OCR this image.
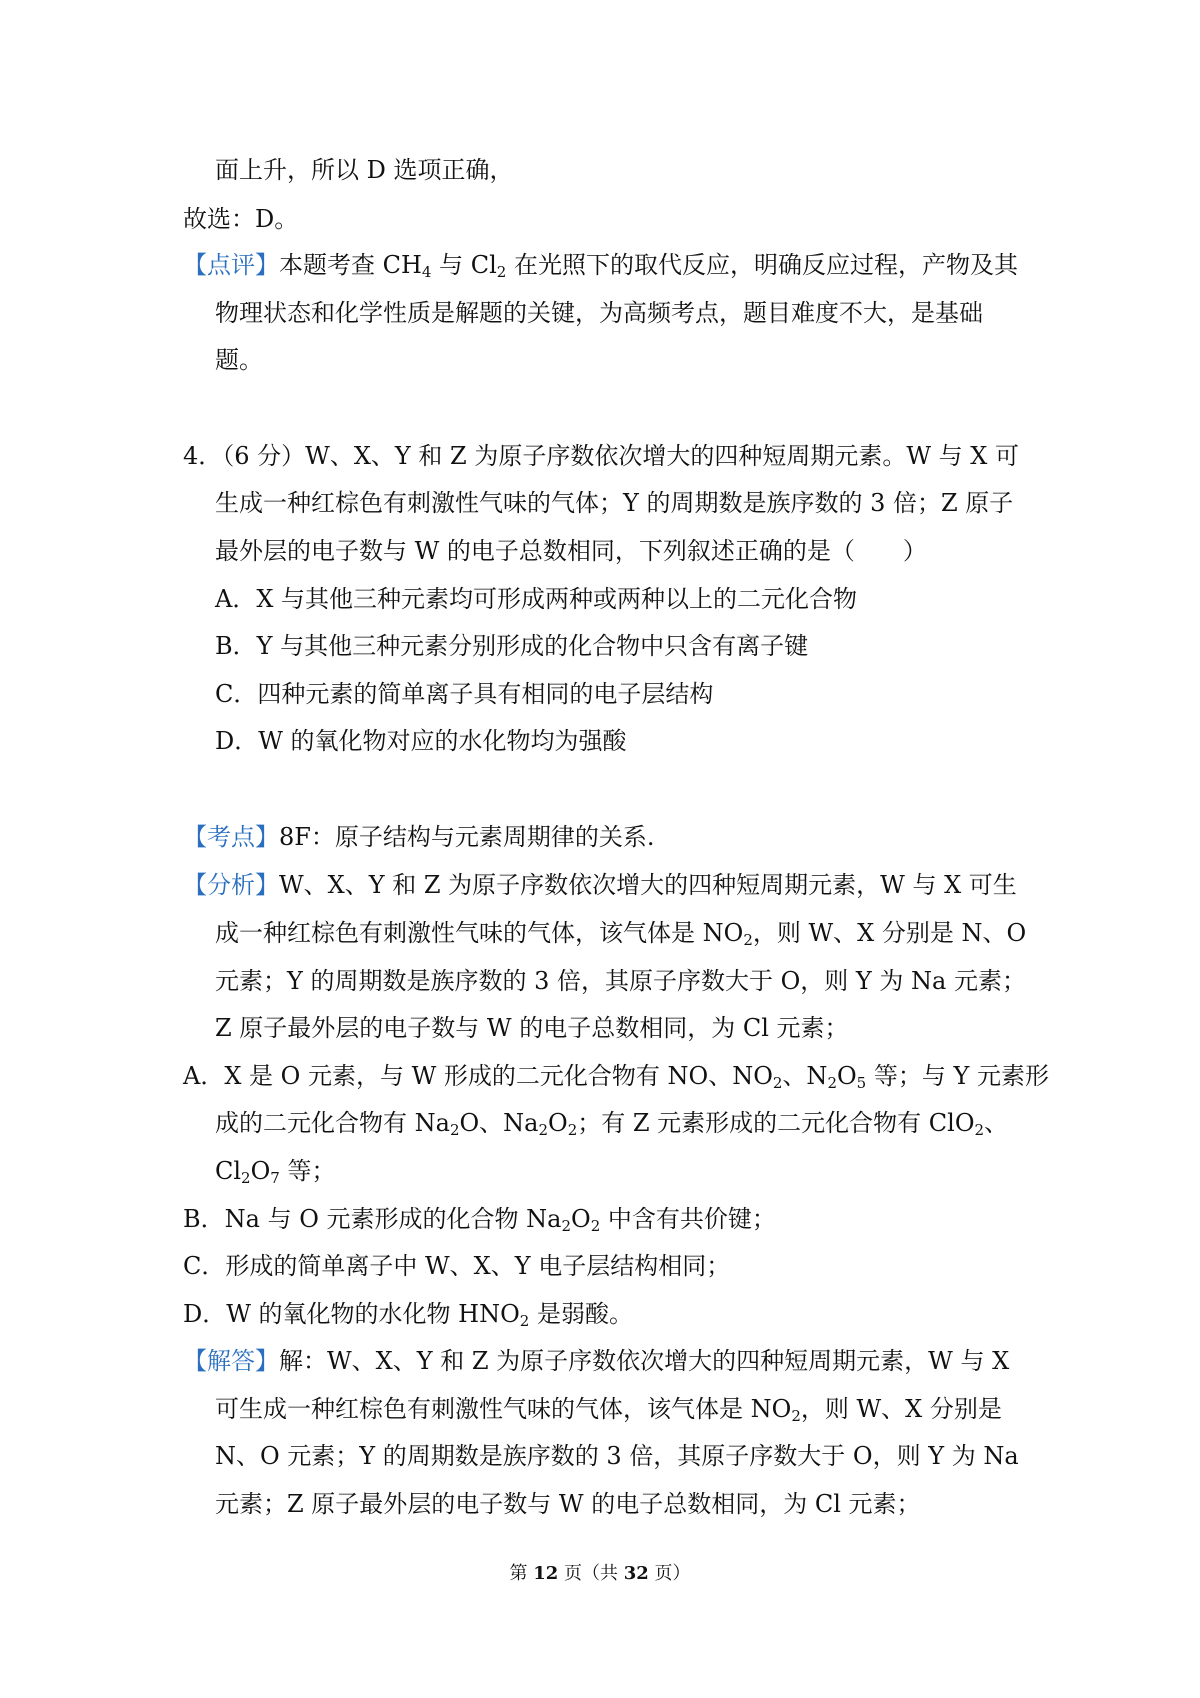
面上升，所以 D 选项正确，
故选：D。
【点评】本题考查 $CH_4$ 与 $Cl_2$ 在光照下的取代反应，明确反应过程，产物及其
物理状态和化学性质是解题的关键，为高频考点，题目难度不大，是基础
题。
4．（6 分）W、X、Y 和 Z 为原子序数依次增大的四种短周期元素。W 与 X 可
生成一种红棕色有刺激性气味的气体；Y 的周期数是族序数的 3 倍；Z 原子
最外层的电子数与 W 的电子总数相同，下列叙述正确的是（　　）
A．X 与其他三种元素均可形成两种或两种以上的二元化合物
B．Y 与其他三种元素分别形成的化合物中只含有离子键
C．四种元素的简单离子具有相同的电子层结构
D．W 的氧化物对应的水化物均为强酸
【考点】8F：原子结构与元素周期律的关系.
【分析】W、X、Y 和 Z 为原子序数依次增大的四种短周期元素，W 与 X 可生
成一种红棕色有刺激性气味的气体，该气体是 $NO_2$，则 W、X 分别是 N、O
元素；Y 的周期数是族序数的 3 倍，其原子序数大于 O，则 Y 为 Na 元素；
Z 原子最外层的电子数与 W 的电子总数相同，为 Cl 元素；
A．X 是 O 元素，与 W 形成的二元化合物有 NO、$NO_2$、$N_2O_5$ 等；与 Y 元素形
成的二元化合物有 $Na_2O$、$Na_2O_2$；有 Z 元素形成的二元化合物有 ClO$_2$、
$Cl_2O_7$ 等；
B．Na 与 O 元素形成的化合物 $Na_2O_2$ 中含有共价键；
C．形成的简单离子中 W、X、Y 电子层结构相同；
D．W 的氧化物的水化物 $HNO_2$ 是弱酸。
【解答】解：W、X、Y 和 Z 为原子序数依次增大的四种短周期元素，W 与 X
可生成一种红棕色有刺激性气味的气体，该气体是 $NO_2$，则 W、X 分别是
N、O 元素；Y 的周期数是族序数的 3 倍，其原子序数大于 O，则 Y 为 Na
元素；Z 原子最外层的电子数与 W 的电子总数相同，为 Cl 元素；
第 12 页（共 32 页）
